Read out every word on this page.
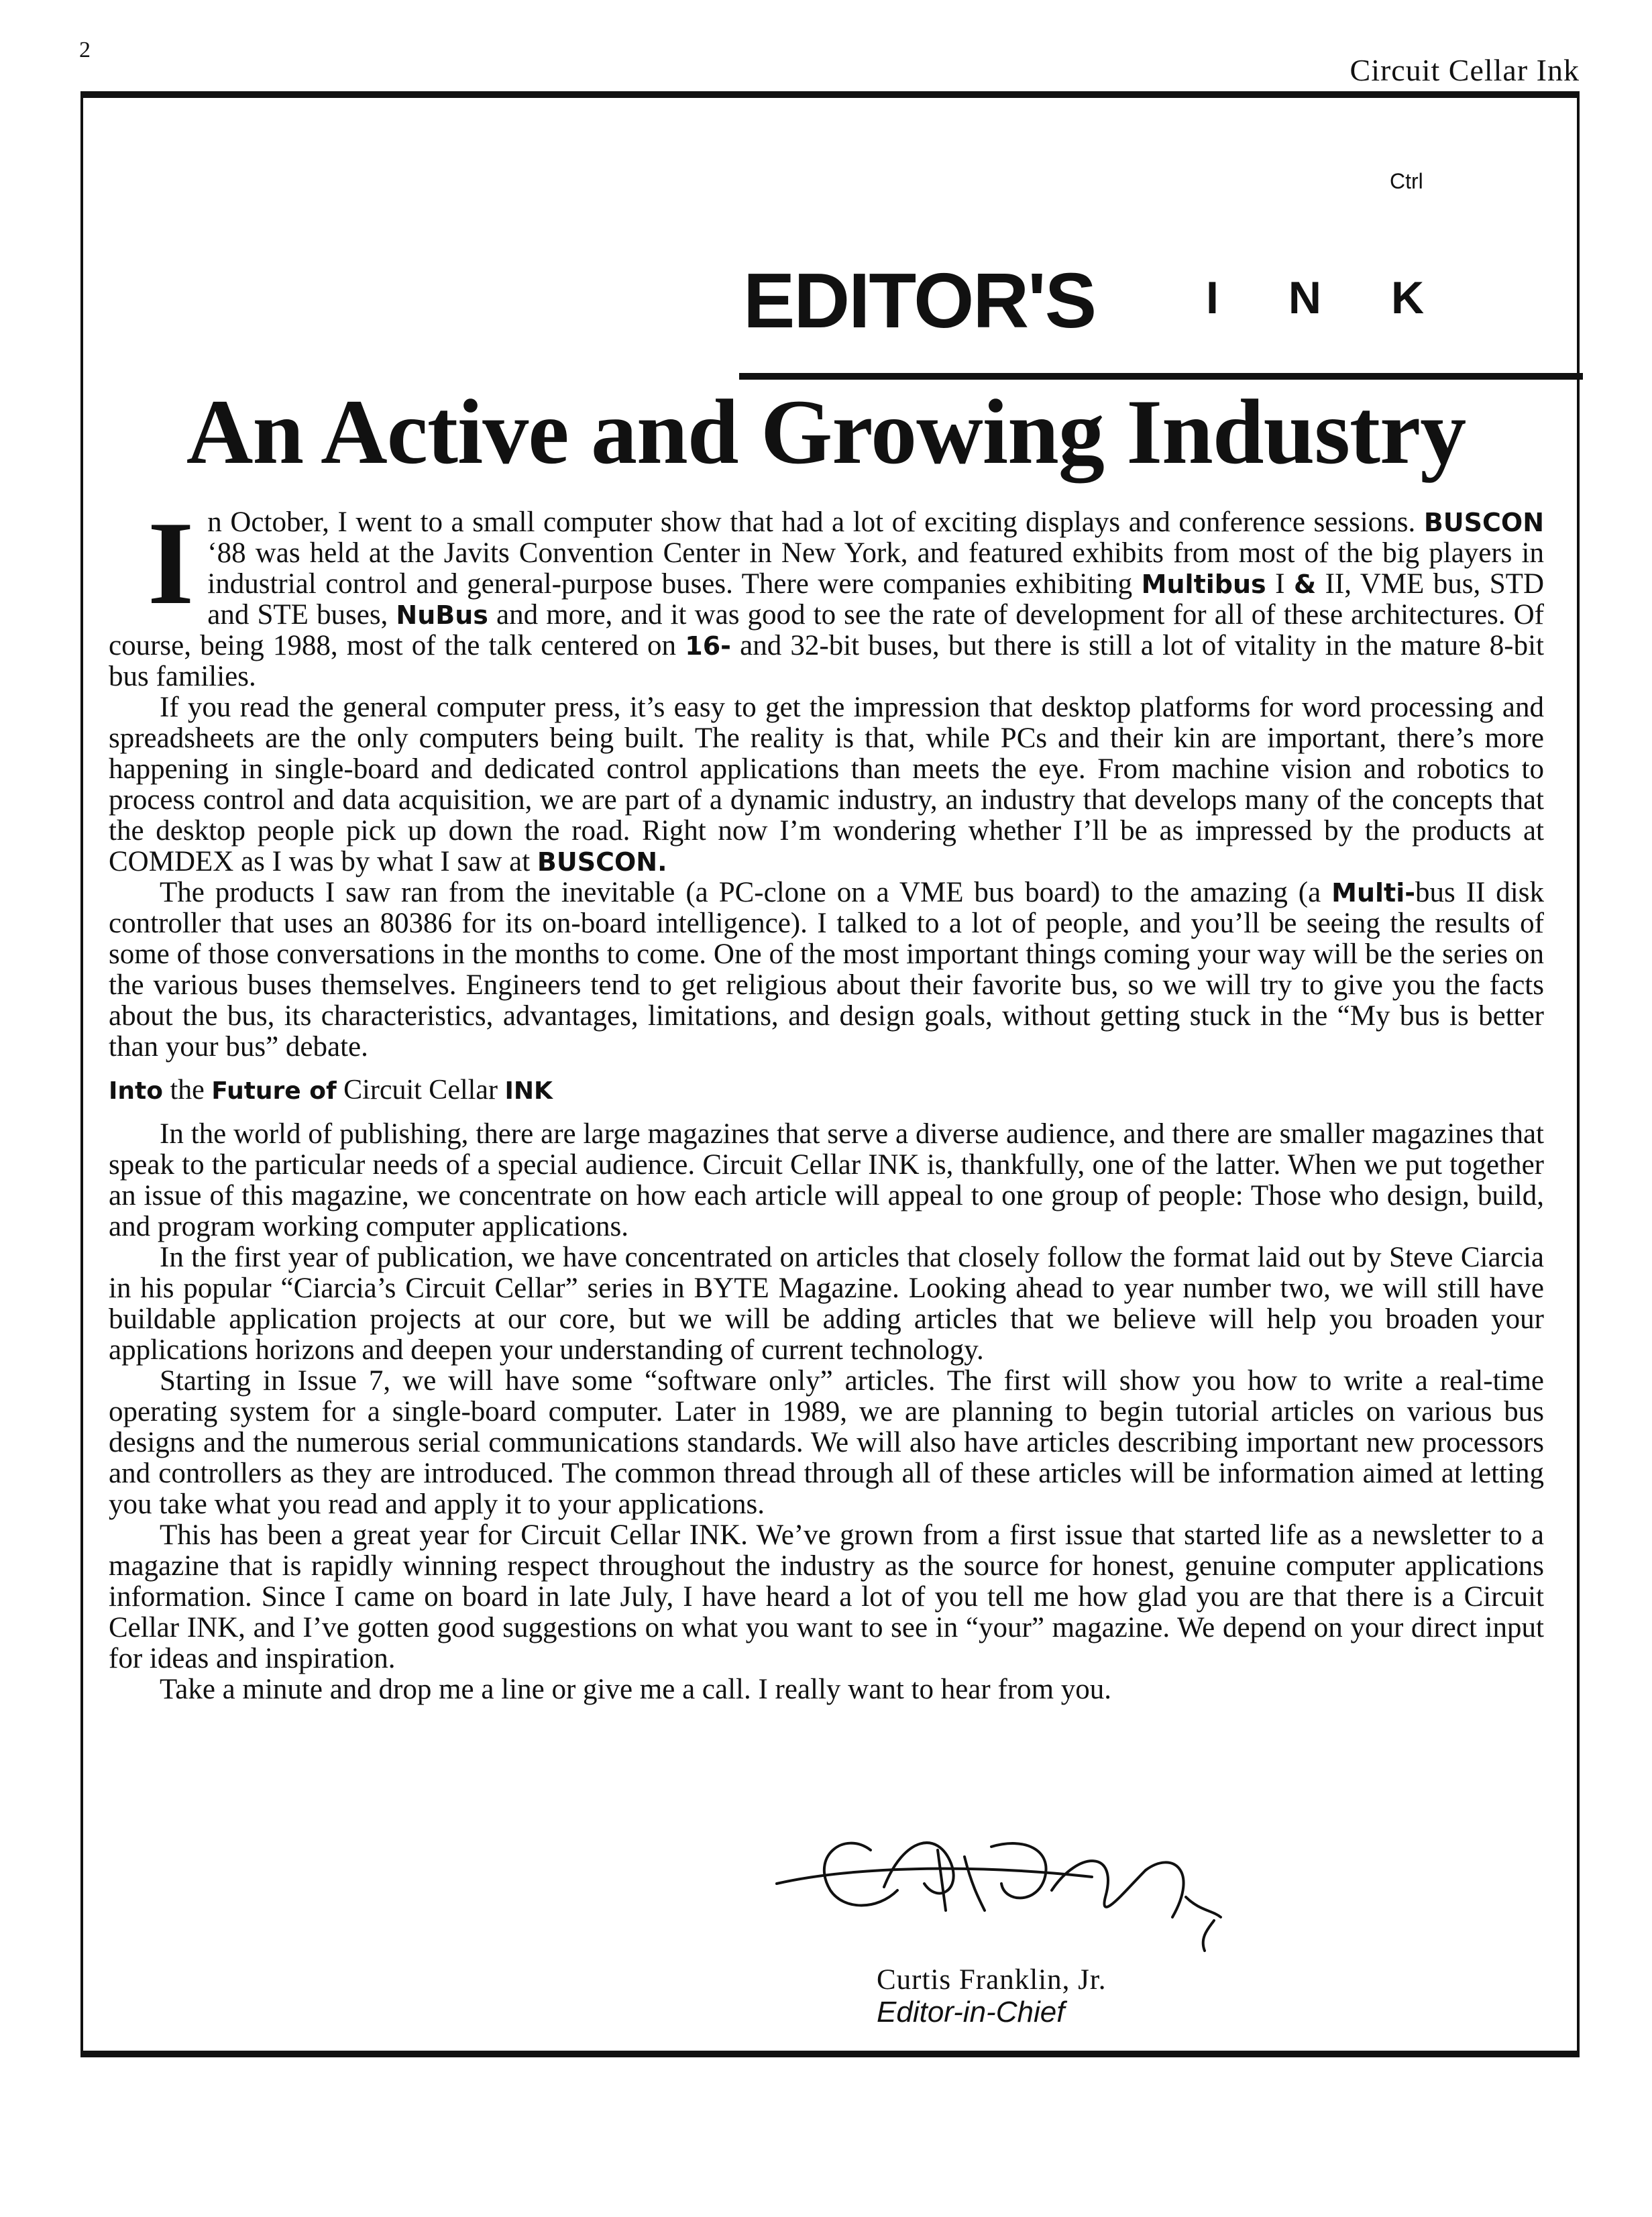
2
Circuit Cellar Ink
Ctrl
EDITOR'S INK
An Active and Growing Industry

In October, I went to a small computer show that had a lot of exciting displays and conference sessions. BUSCON ‘88 was held at the Javits Convention Center in New York, and featured exhibits from most of the big players in industrial control and general-purpose buses. There were companies exhibiting Multibus I & II, VME bus, STD and STE buses, NuBus and more, and it was good to see the rate of development for all of these architectures. Of course, being 1988, most of the talk centered on 16- and 32-bit buses, but there is still a lot of vitality in the mature 8-bit bus families.

If you read the general computer press, it’s easy to get the impression that desktop platforms for word processing and spreadsheets are the only computers being built. The reality is that, while PCs and their kin are important, there’s more happening in single-board and dedicated control applications than meets the eye. From machine vision and robotics to process control and data acquisition, we are part of a dynamic industry, an industry that develops many of the concepts that the desktop people pick up down the road. Right now I’m wondering whether I’ll be as impressed by the products at COMDEX as I was by what I saw at BUSCON.

The products I saw ran from the inevitable (a PC-clone on a VME bus board) to the amazing (a Multi-bus II disk controller that uses an 80386 for its on-board intelligence). I talked to a lot of people, and you’ll be seeing the results of some of those conversations in the months to come. One of the most important things coming your way will be the series on the various buses themselves. Engineers tend to get religious about their favorite bus, so we will try to give you the facts about the bus, its characteristics, advantages, limitations, and design goals, without getting stuck in the “My bus is better than your bus” debate.

Into the Future of Circuit Cellar INK

In the world of publishing, there are large magazines that serve a diverse audience, and there are smaller magazines that speak to the particular needs of a special audience. Circuit Cellar INK is, thankfully, one of the latter. When we put together an issue of this magazine, we concentrate on how each article will appeal to one group of people: Those who design, build, and program working computer applications.

In the first year of publication, we have concentrated on articles that closely follow the format laid out by Steve Ciarcia in his popular “Ciarcia’s Circuit Cellar” series in BYTE Magazine. Looking ahead to year number two, we will still have buildable application projects at our core, but we will be adding articles that we believe will help you broaden your applications horizons and deepen your understanding of current technology.

Starting in Issue 7, we will have some “software only” articles. The first will show you how to write a real-time operating system for a single-board computer. Later in 1989, we are planning to begin tutorial articles on various bus designs and the numerous serial communications standards. We will also have articles describing important new processors and controllers as they are introduced. The common thread through all of these articles will be information aimed at letting you take what you read and apply it to your applications.

This has been a great year for Circuit Cellar INK. We’ve grown from a first issue that started life as a newsletter to a magazine that is rapidly winning respect throughout the industry as the source for honest, genuine computer applications information. Since I came on board in late July, I have heard a lot of you tell me how glad you are that there is a Circuit Cellar INK, and I’ve gotten good suggestions on what you want to see in “your” magazine. We depend on your direct input for ideas and inspiration.

Take a minute and drop me a line or give me a call. I really want to hear from you.

Curtis Franklin, Jr.
Editor-in-Chief
